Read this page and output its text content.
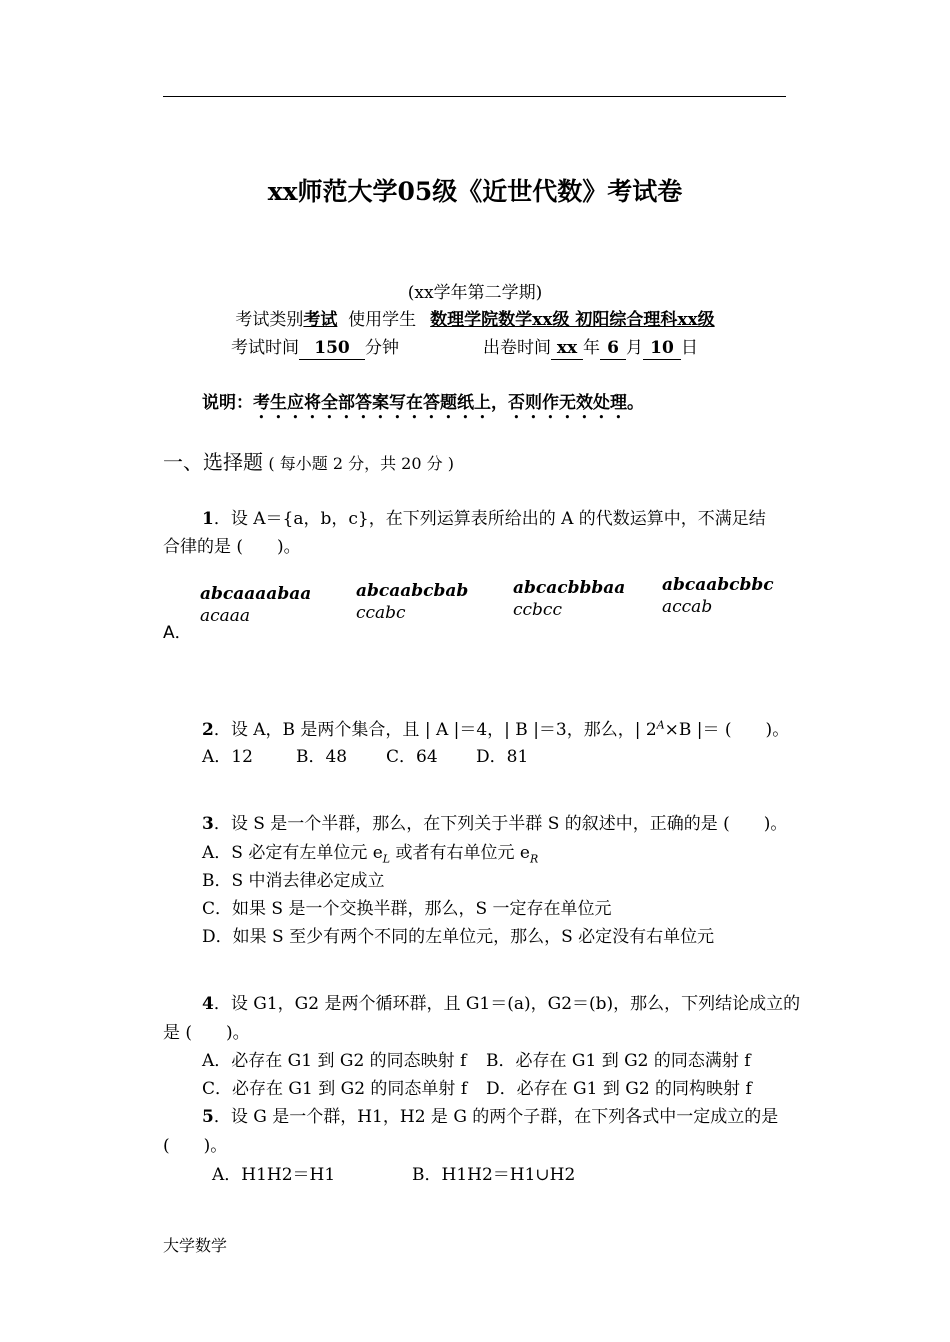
xx师范大学05级《近世代数》考试卷
(xx学年第二学期)
考试类别考试 使用学生 数理学院数学xx级 初阳综合理科xx级
考试时间 150 分钟	出卷时间 xx 年 6 月 10 日
说明：考生应将全部答案写在答题纸上，否则作无效处理。
一、选择题 ( 每小题 2 分，共 20 分 )
1．设 A＝{a，b，c}，在下列运算表所给出的 A 的代数运算中，不满足结
合律的是 (　　)。
abcaaaabaa
acaaa
abcaabcbab
ccabc
abcacbbbaa
ccbcc
abcaabcbbc
accab
A．
2．设 A，B 是两个集合，且 | A |＝4，| B |＝3，那么，| $2^A\times B$ |＝ (　　)。
A．12	B．48 C．64 D．81
3．设 S 是一个半群，那么，在下列关于半群 S 的叙述中，正确的是 (　　)。
A．S 必定有左单位元 $e_L$ 或者有右单位元 $e_R$
B．S 中消去律必定成立
C．如果 S 是一个交换半群，那么，S 一定存在单位元
D．如果 S 至少有两个不同的左单位元，那么，S 必定没有右单位元
4．设 G1，G2 是两个循环群，且 G1＝(a)，G2＝(b)，那么，下列结论成立的
是 (　　)。
A．必存在 G1 到 G2 的同态映射 f B．必存在 G1 到 G2 的同态满射 f
C．必存在 G1 到 G2 的同态单射 f D．必存在 G1 到 G2 的同构映射 f
5．设 G 是一个群，H1，H2 是 G 的两个子群，在下列各式中一定成立的是
(　　)。
A．H1H2＝H1	B．H1H2＝H1∪H2
大学数学
